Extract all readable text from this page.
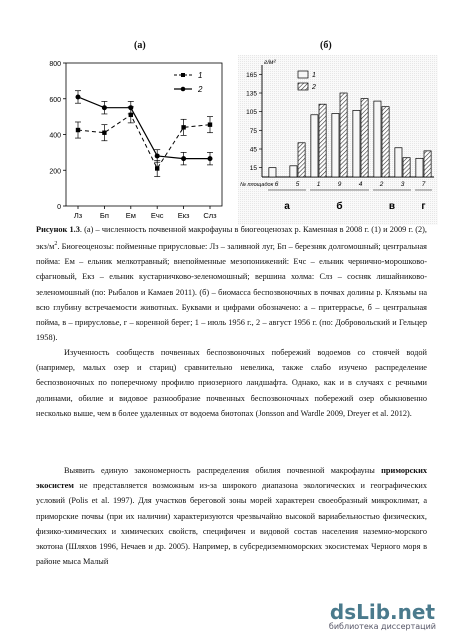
(а)	(б)
0
200
400
600
800
Лз Бп Ем Ечс Екз Слз
1
2
г/м²
15
45
75
105
135
165
6	5	1	9	4	2	3	7
№ площадок
а	б	в	г
1
2
Рисунок 1.3. (а) – численность почвенной макрофауны в биогеоценозах р. Каменная в 2008 г. (1) и 2009 г. (2), экз/$м^2$. Биогеоценозы: пойменные прирусловые: Лз – заливной луг, Бп – березняк долгомошный; центральная пойма: Ем – ельник мелкотравный; внепойменные мезопонижений: Ечс – ельник чернично-морошково-сфагновый, Екз – ельник кустарничково-зеленомошный; вершина холма: Слз – сосняк лишайниково-зеленомошный (по: Рыбалов и Камаев 2011). (б) – биомасса беспозвоночных в почвах долины р. Клязьмы на всю глубину встречаемости животных. Буквами и цифрами обозначено: а – притеррасье, б – центральная пойма, в – прирусловье, г – коренной берег; 1 – июль 1956 г., 2 – август 1956 г. (по: Добровольский и Гельцер 1958).
Изученность сообществ почвенных беспозвоночных побережий водоемов со стоячей водой (например, малых озер и стариц) сравнительно невелика, также слабо изучено распределение беспозвоночных по поперечному профилю приозерного ландшафта. Однако, как и в случаях с речными долинами, обилие и видовое разнообразие почвенных беспозвоночных побережий озер обыкновенно несколько выше, чем в более удаленных от водоема биотопах (Jonsson and Wardle 2009, Dreyer et al. 2012).
Выявить единую закономерность распределения обилия почвенной макрофауны приморских экосистем не представляется возможным из-за широкого диапазона экологических и географических условий (Polis et al. 1997). Для участков береговой зоны морей характерен своеобразный микроклимат, а приморские почвы (при их наличии) характеризуются чрезвычайно высокой вариабельностью физических, физико-химических и химических свойств, специфичен и видовой состав населения наземно-морского экотона (Шляхов 1996, Нечаев и др. 2005). Например, в субсредиземноморских экосистемах Черного моря в районе мыса Малый
dsLib.net
библиотека диссертаций
